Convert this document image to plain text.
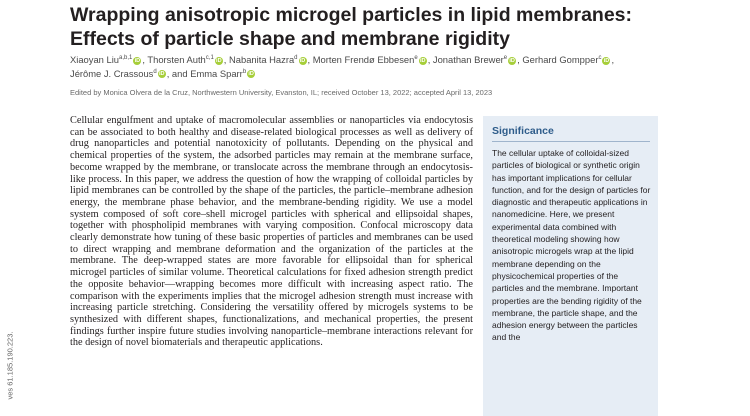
Wrapping anisotropic microgel particles in lipid membranes:
Effects of particle shape and membrane rigidity
Xiaoyan Liu$^{a,b,1}$ iD , Thorsten Auth$^{c,1}$ iD , Nabanita Hazra$^d$ iD , Morten Frendø Ebbesen$^e$ iD , Jonathan Brewer$^e$ iD , Gerhard Gompper$^c$ iD , Jérôme J. Crassous$^d$ iD , and Emma Sparr$^b$ iD
Edited by Monica Olvera de la Cruz, Northwestern University, Evanston, IL; received October 13, 2022; accepted April 13, 2023

Cellular engulfment and uptake of macromolecular assemblies or nanoparticles via endocytosis can be associated to both healthy and disease-related biological processes as well as delivery of drug nanoparticles and potential nanotoxicity of pollutants. Depending on the physical and chemical properties of the system, the adsorbed particles may remain at the membrane surface, become wrapped by the membrane, or translocate across the membrane through an endocytosis-like process. In this paper, we address the question of how the wrapping of colloidal particles by lipid membranes can be controlled by the shape of the particles, the particle–membrane adhesion energy, the membrane phase behavior, and the membrane-bending rigidity. We use a model system composed of soft core–shell microgel particles with spherical and ellipsoidal shapes, together with phospholipid membranes with varying composition. Confocal microscopy data clearly demonstrate how tuning of these basic properties of particles and membranes can be used to direct wrapping and membrane deformation and the organization of the particles at the membrane. The deep-wrapped states are more favorable for ellipsoidal than for spherical microgel particles of similar volume. Theoretical calculations for fixed adhesion strength predict the opposite behavior—wrapping becomes more difficult with increasing aspect ratio. The comparison with the experiments implies that the microgel adhesion strength must increase with increasing particle stretching. Considering the versatility offered by microgels systems to be synthesized with different shapes, functionalizations, and mechanical properties, the present findings further inspire future studies involving nanoparticle–membrane interactions relevant for the design of novel biomaterials and therapeutic applications.

Significance

The cellular uptake of colloidal-sized particles of biological or synthetic origin has important implications for cellular function, and for the design of particles for diagnostic and therapeutic applications in nanomedicine. Here, we present experimental data combined with theoretical modeling showing how anisotropic microgels wrap at the lipid membrane depending on the physicochemical properties of the particles and the membrane. Important properties are the bending rigidity of the membrane, the particle shape, and the adhesion energy between the particles and the

ves 61.185.190.223.
